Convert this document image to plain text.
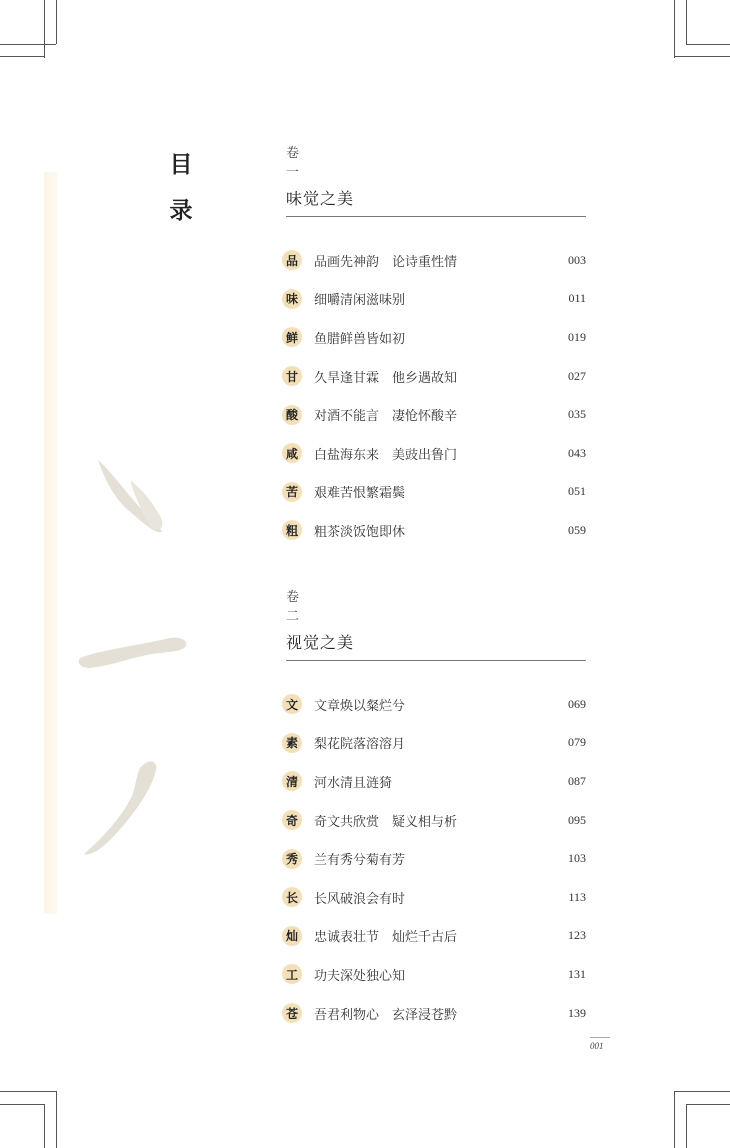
目
录
卷
一
味觉之美
品	品画先神韵　论诗重性情	003
味	细嚼清闲滋味别	011
鲜	鱼腊鲜兽皆如初	019
甘	久旱逢甘霖　他乡遇故知	027
酸	对酒不能言　凄怆怀酸辛	035
咸	白盐海东来　美豉出鲁门	043
苦	艰难苦恨繁霜鬓	051
粗	粗茶淡饭饱即休	059
卷
二
视觉之美
文	文章焕以粲烂兮	069
素	梨花院落溶溶月	079
清	河水清且涟猗	087
奇	奇文共欣赏　疑义相与析	095
秀	兰有秀兮菊有芳	103
长	长风破浪会有时	113
灿	忠诚表壮节　灿烂千古后	123
工	功夫深处独心知	131
苍	吾君利物心　玄泽浸苍黔	139
001
